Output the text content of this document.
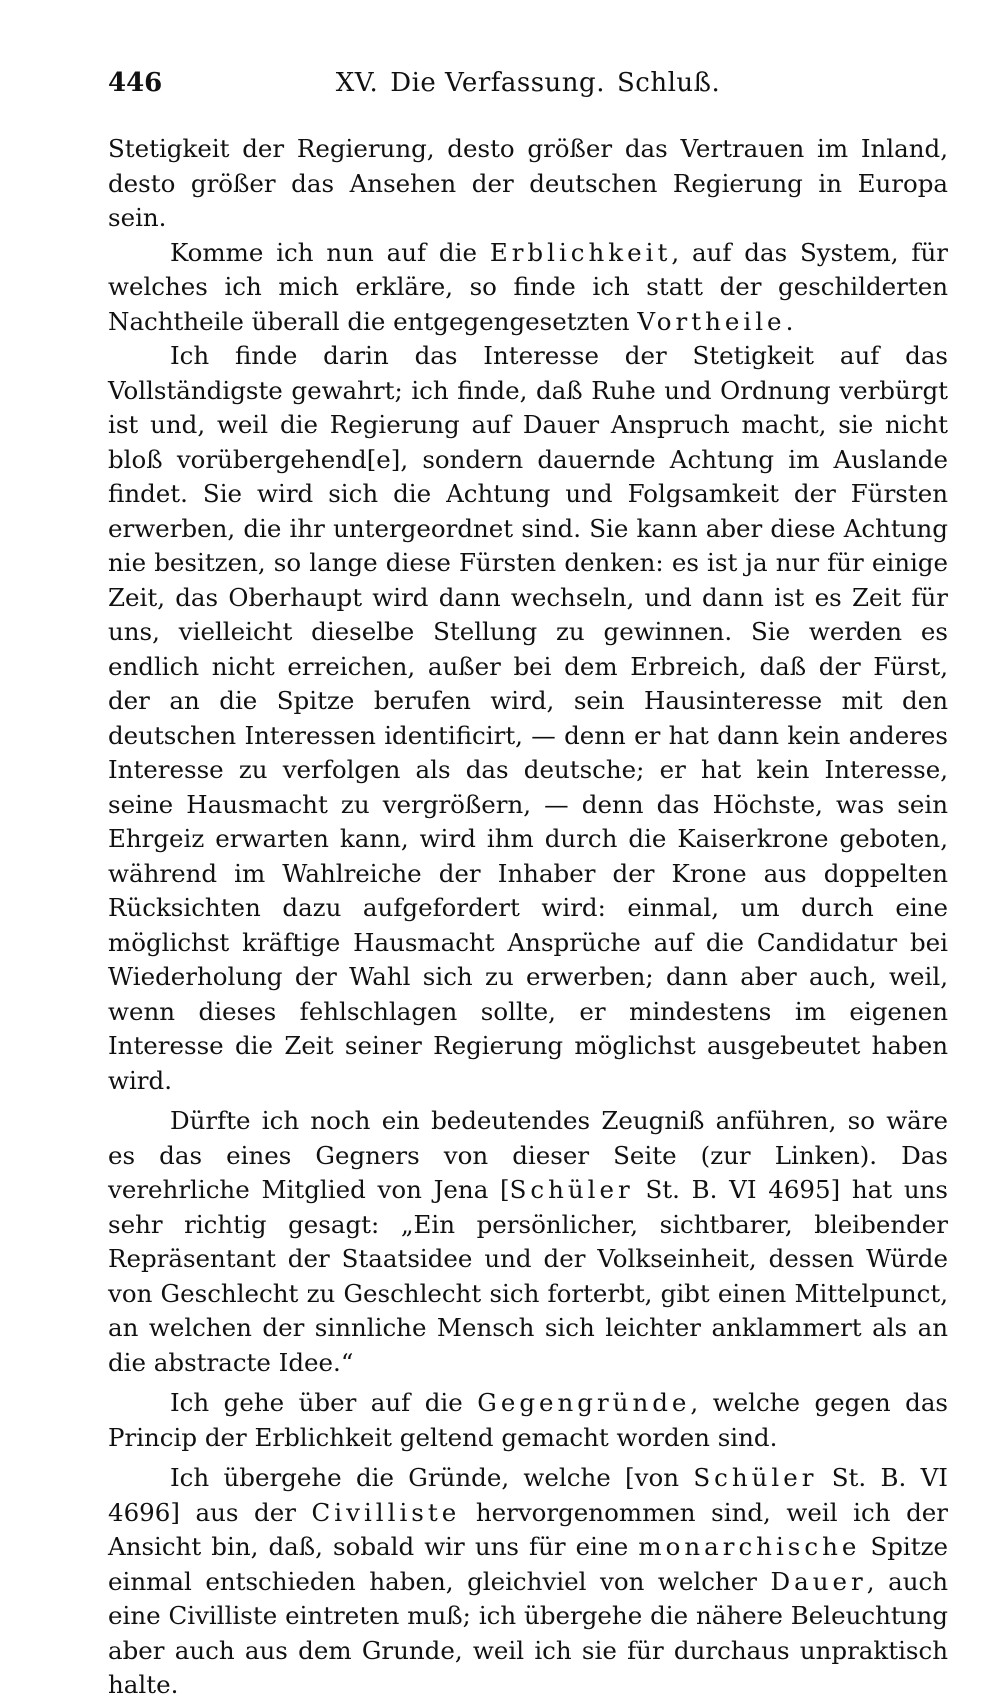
446	XV. Die Verfassung. Schluß.

Stetigkeit der Regierung, desto größer das Vertrauen im Inland, desto größer das Ansehen der deutschen Regierung in Europa sein.

Komme ich nun auf die Erblichkeit, auf das System, für welches ich mich erkläre, so finde ich statt der geschilderten Nachtheile überall die entgegengesetzten Vortheile.

Ich finde darin das Interesse der Stetigkeit auf das Vollständigste gewahrt; ich finde, daß Ruhe und Ordnung verbürgt ist und, weil die Regierung auf Dauer Anspruch macht, sie nicht bloß vorübergehend[e], sondern dauernde Achtung im Auslande findet. Sie wird sich die Achtung und Folgsamkeit der Fürsten erwerben, die ihr untergeordnet sind. Sie kann aber diese Achtung nie besitzen, so lange diese Fürsten denken: es ist ja nur für einige Zeit, das Oberhaupt wird dann wechseln, und dann ist es Zeit für uns, vielleicht dieselbe Stellung zu gewinnen. Sie werden es endlich nicht erreichen, außer bei dem Erbreich, daß der Fürst, der an die Spitze berufen wird, sein Hausinteresse mit den deutschen Interessen identificirt, — denn er hat dann kein anderes Interesse zu verfolgen als das deutsche; er hat kein Interesse, seine Hausmacht zu vergrößern, — denn das Höchste, was sein Ehrgeiz erwarten kann, wird ihm durch die Kaiserkrone geboten, während im Wahlreiche der Inhaber der Krone aus doppelten Rücksichten dazu aufgefordert wird: einmal, um durch eine möglichst kräftige Hausmacht Ansprüche auf die Candidatur bei Wiederholung der Wahl sich zu erwerben; dann aber auch, weil, wenn dieses fehlschlagen sollte, er mindestens im eigenen Interesse die Zeit seiner Regierung möglichst ausgebeutet haben wird.

Dürfte ich noch ein bedeutendes Zeugniß anführen, so wäre es das eines Gegners von dieser Seite (zur Linken). Das verehrliche Mitglied von Jena [Schüler St. B. VI 4695] hat uns sehr richtig gesagt: „Ein persönlicher, sichtbarer, bleibender Repräsentant der Staatsidee und der Volkseinheit, dessen Würde von Geschlecht zu Geschlecht sich forterbt, gibt einen Mittelpunct, an welchen der sinnliche Mensch sich leichter anklammert als an die abstracte Idee.“

Ich gehe über auf die Gegengründe, welche gegen das Princip der Erblichkeit geltend gemacht worden sind.

Ich übergehe die Gründe, welche [von Schüler St. B. VI 4696] aus der Civilliste hervorgenommen sind, weil ich der Ansicht bin, daß, sobald wir uns für eine monarchische Spitze einmal entschieden haben, gleichviel von welcher Dauer, auch eine Civilliste eintreten muß; ich übergehe die nähere Beleuchtung aber auch aus dem Grunde, weil ich sie für durchaus unpraktisch halte.
